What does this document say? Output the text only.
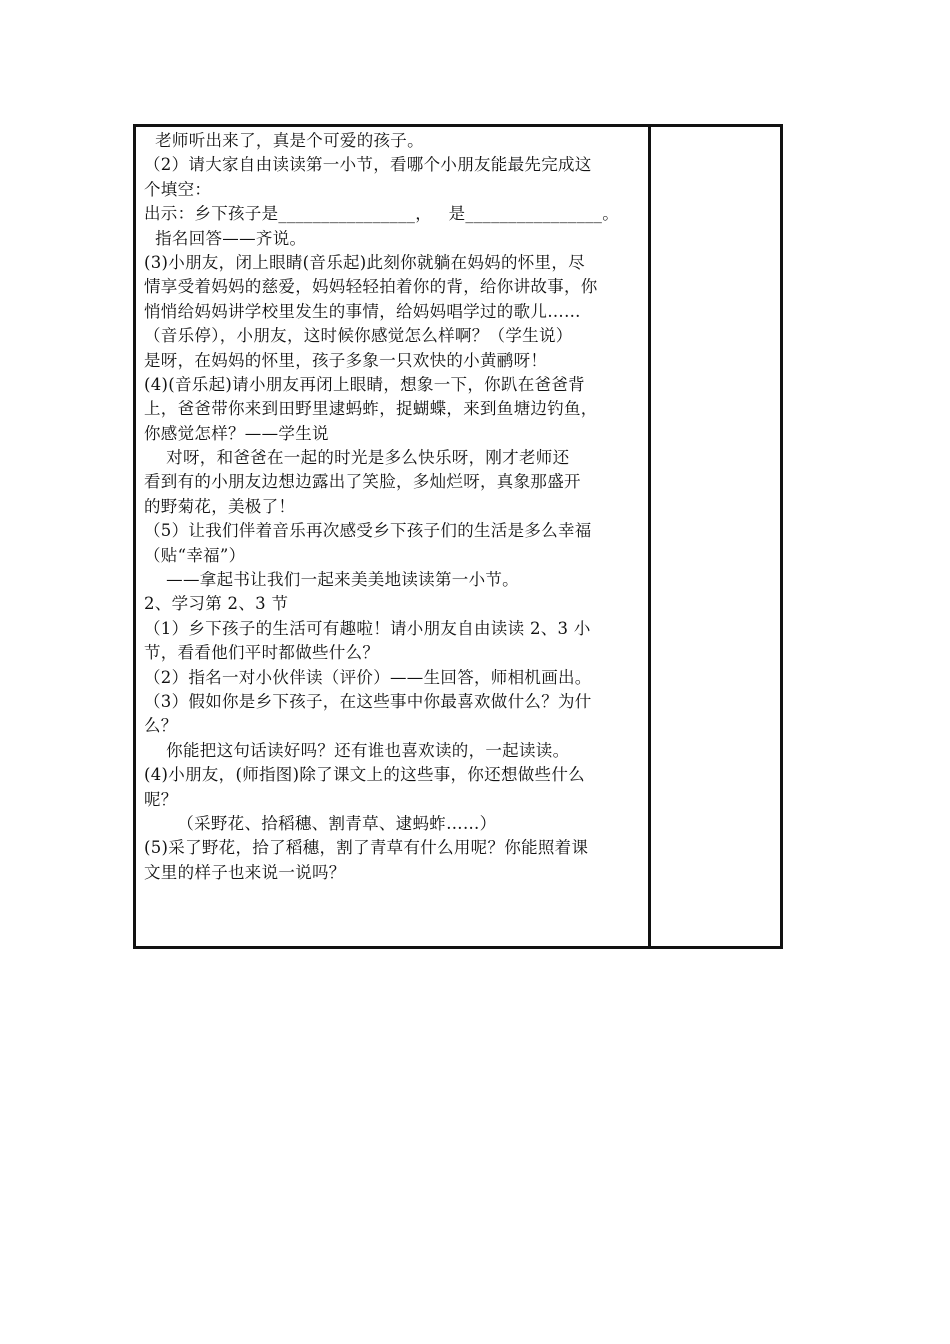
老师听出来了，真是个可爱的孩子。
（2）请大家自由读读第一小节，看哪个小朋友能最先完成这
个填空：
出示：乡下孩子是________________，   是________________。
指名回答——齐说。
(3)小朋友，闭上眼睛(音乐起)此刻你就躺在妈妈的怀里，尽
情享受着妈妈的慈爱，妈妈轻轻拍着你的背，给你讲故事，你
悄悄给妈妈讲学校里发生的事情，给妈妈唱学过的歌儿……
（音乐停），小朋友，这时候你感觉怎么样啊？（学生说）
是呀，在妈妈的怀里，孩子多象一只欢快的小黄鹂呀！
(4)(音乐起)请小朋友再闭上眼睛，想象一下，你趴在爸爸背
上，爸爸带你来到田野里逮蚂蚱，捉蝴蝶，来到鱼塘边钓鱼，
你感觉怎样？——学生说
对呀，和爸爸在一起的时光是多么快乐呀，刚才老师还
看到有的小朋友边想边露出了笑脸，多灿烂呀，真象那盛开
的野菊花，美极了！
（5）让我们伴着音乐再次感受乡下孩子们的生活是多么幸福
（贴“幸福”）
——拿起书让我们一起来美美地读读第一小节。
2、学习第 2、3 节
（1）乡下孩子的生活可有趣啦！请小朋友自由读读 2、3 小
节，看看他们平时都做些什么？
（2）指名一对小伙伴读（评价）——生回答，师相机画出。
（3）假如你是乡下孩子，在这些事中你最喜欢做什么？为什
么？
你能把这句话读好吗？还有谁也喜欢读的，一起读读。
(4)小朋友，(师指图)除了课文上的这些事，你还想做些什么
呢？
（采野花、拾稻穗、割青草、逮蚂蚱……）
(5)采了野花，拾了稻穗，割了青草有什么用呢？你能照着课
文里的样子也来说一说吗？
